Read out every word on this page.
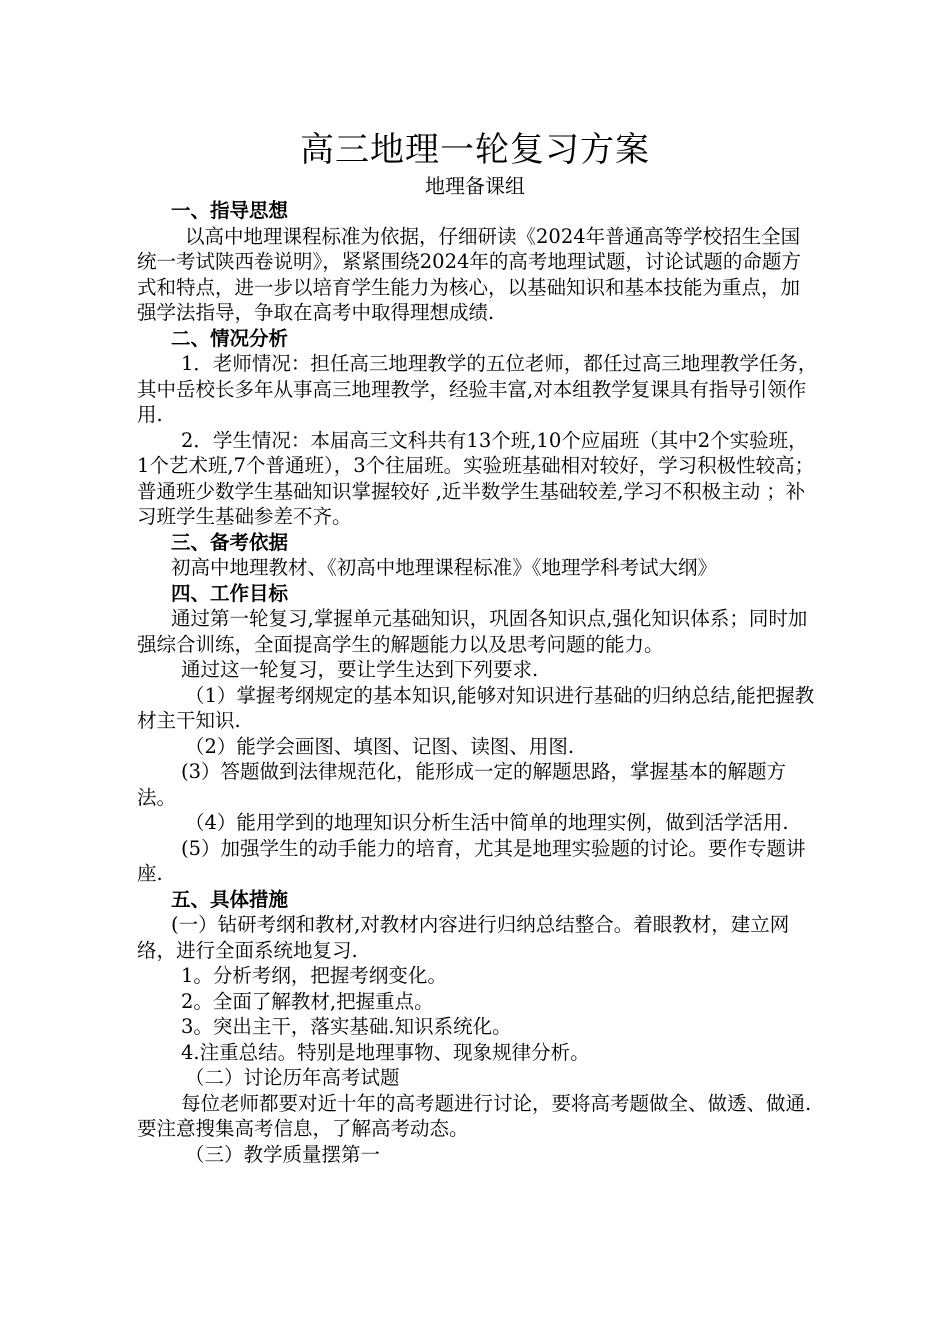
高三地理一轮复习方案
地理备课组

一、指导思想

以高中地理课程标准为依据，仔细研读《2024年普通高等学校招生全国统一考试陕西卷说明》，紧紧围绕2024年的高考地理试题，讨论试题的命题方式和特点，进一步以培育学生能力为核心，以基础知识和基本技能为重点，加强学法指导，争取在高考中取得理想成绩.

二、情况分析

1．老师情况：担任高三地理教学的五位老师，都任过高三地理教学任务，其中岳校长多年从事高三地理教学，经验丰富,对本组教学复课具有指导引领作用.

2．学生情况：本届高三文科共有13个班,10个应届班（其中2个实验班，1个艺术班,7个普通班），3个往届班。实验班基础相对较好，学习积极性较高；普通班少数学生基础知识掌握较好 ,近半数学生基础较差,学习不积极主动 ；补习班学生基础参差不齐。

三、备考依据

初高中地理教材、《初高中地理课程标准》《地理学科考试大纲》

四、工作目标

通过第一轮复习,掌握单元基础知识，巩固各知识点,强化知识体系；同时加强综合训练，全面提高学生的解题能力以及思考问题的能力。

通过这一轮复习，要让学生达到下列要求.

（1）掌握考纲规定的基本知识,能够对知识进行基础的归纳总结,能把握教材主干知识.

（2）能学会画图、填图、记图、读图、用图.

(3）答题做到法律规范化，能形成一定的解题思路，掌握基本的解题方法。

（4）能用学到的地理知识分析生活中简单的地理实例，做到活学活用.

(5）加强学生的动手能力的培育，尤其是地理实验题的讨论。要作专题讲座.

五、具体措施

(一）钻研考纲和教材,对教材内容进行归纳总结整合。着眼教材，建立网络，进行全面系统地复习.

1。分析考纲，把握考纲变化。

2。全面了解教材,把握重点。

3。突出主干，落实基础.知识系统化。

4.注重总结。特别是地理事物、现象规律分析。

（二）讨论历年高考试题

每位老师都要对近十年的高考题进行讨论，要将高考题做全、做透、做通.要注意搜集高考信息，了解高考动态。

（三）教学质量摆第一
